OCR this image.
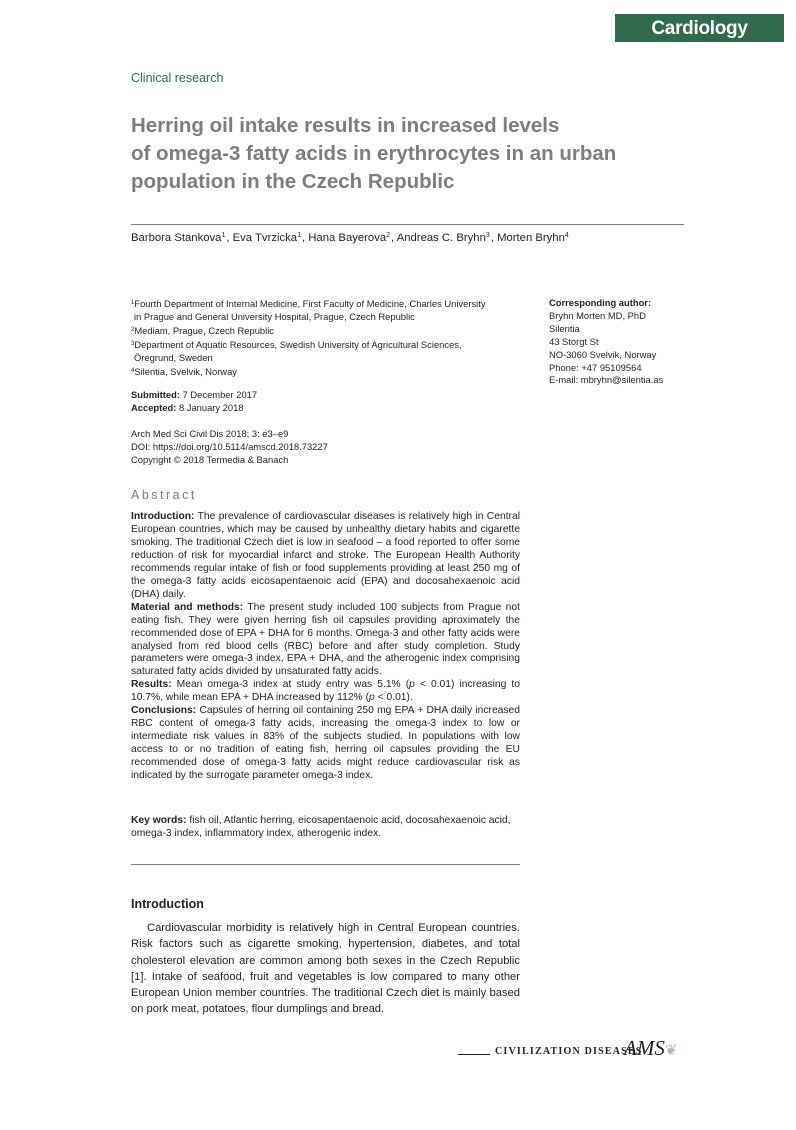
Cardiology
Clinical research
Herring oil intake results in increased levels
of omega-3 fatty acids in erythrocytes in an urban
population in the Czech Republic
Barbora Stankova$^1$, Eva Tvrzicka$^1$, Hana Bayerova$^2$, Andreas C. Bryhn$^3$, Morten Bryhn$^4$
$^1$Fourth Department of Internal Medicine, First Faculty of Medicine, Charles University
in Prague and General University Hospital, Prague, Czech Republic
$^2$Mediam, Prague, Czech Republic
$^3$Department of Aquatic Resources, Swedish University of Agricultural Sciences,
Öregrund, Sweden
$^4$Silentia, Svelvik, Norway
Corresponding author:
Bryhn Morten MD, PhD
Silentia
43 Storgt St
NO-3060 Svelvik, Norway
Phone: +47 95109564
E-mail: mbryhn@silentia.as
Submitted: 7 December 2017
Accepted: 8 January 2018
Arch Med Sci Civil Dis 2018; 3: e3–e9
DOI: https://doi.org/10.5114/amscd.2018.73227
Copyright © 2018 Termedia & Banach
Abstract

Introduction: The prevalence of cardiovascular diseases is relatively high in Central European countries, which may be caused by unhealthy dietary habits and cigarette smoking. The traditional Czech diet is low in seafood – a food reported to offer some reduction of risk for myocardial infarct and stroke. The European Health Authority recommends regular intake of fish or food supplements providing at least 250 mg of the omega-3 fatty acids eicosapentaenoic acid (EPA) and docosahexaenoic acid (DHA) daily.

Material and methods: The present study included 100 subjects from Prague not eating fish. They were given herring fish oil capsules providing aproximately the recommended dose of EPA + DHA for 6 months. Omega-3 and other fatty acids were analysed from red blood cells (RBC) before and after study completion. Study parameters were omega-3 index, EPA + DHA, and the atherogenic index comprising saturated fatty acids divided by unsaturated fatty acids.

Results: Mean omega-3 index at study entry was 5.1% (p < 0.01) increasing to 10.7%, while mean EPA + DHA increased by 112% (p < 0.01).

Conclusions: Capsules of herring oil containing 250 mg EPA + DHA daily increased RBC content of omega-3 fatty acids, increasing the omega-3 index to low or intermediate risk values in 83% of the subjects studied. In populations with low access to or no tradition of eating fish, herring oil capsules providing the EU recommended dose of omega-3 fatty acids might reduce cardiovascular risk as indicated by the surrogate parameter omega-3 index.

Key words: fish oil, Atlantic herring, eicosapentaenoic acid, docosahexaenoic acid, omega-3 index, inflammatory index, atherogenic index.
Introduction
Cardiovascular morbidity is relatively high in Central European countries. Risk factors such as cigarette smoking, hypertension, diabetes, and total cholesterol elevation are common among both sexes in the Czech Republic [1]. Intake of seafood, fruit and vegetables is low compared to many other European Union member countries. The traditional Czech diet is mainly based on pork meat, potatoes, flour dumplings and bread.
CIVILIZATION DISEASES
AMS❦
